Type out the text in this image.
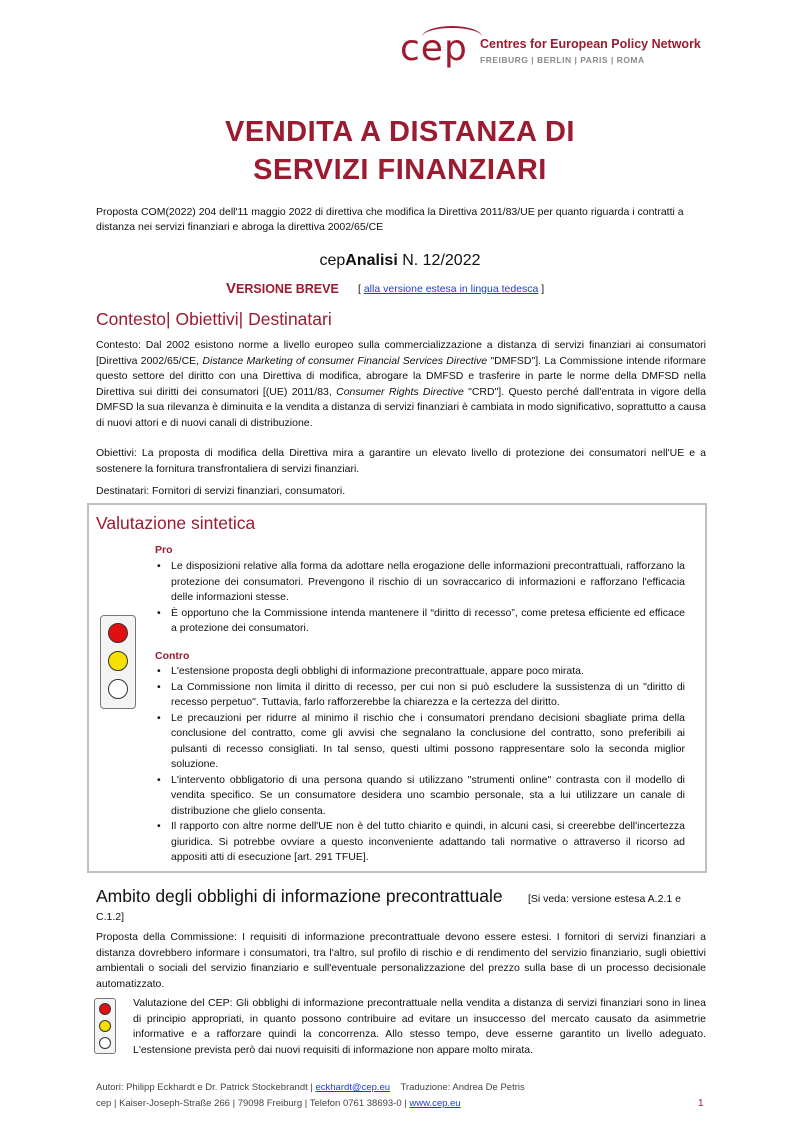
cep Centres for European Policy Network
FREIBURG | BERLIN | PARIS | ROMA
VENDITA A DISTANZA DI
SERVIZI FINANZIARI
Proposta COM(2022) 204 dell'11 maggio 2022 di direttiva che modifica la Direttiva 2011/83/UE per quanto riguarda i contratti a distanza nei servizi finanziari e abroga la direttiva 2002/65/CE
cepAnalisi N. 12/2022
VERSIONE BREVE [ alla versione estesa in lingua tedesca ]
Contesto| Obiettivi| Destinatari
Contesto: Dal 2002 esistono norme a livello europeo sulla commercializzazione a distanza di servizi finanziari ai consumatori [Direttiva 2002/65/CE, Distance Marketing of consumer Financial Services Directive "DMFSD"]. La Commissione intende riformare questo settore del diritto con una Direttiva di modifica, abrogare la DMFSD e trasferire in parte le norme della DMFSD nella Direttiva sui diritti dei consumatori [(UE) 2011/83, Consumer Rights Directive "CRD"]. Questo perché dall'entrata in vigore della DMFSD la sua rilevanza è diminuita e la vendita a distanza di servizi finanziari è cambiata in modo significativo, soprattutto a causa di nuovi attori e di nuovi canali di distribuzione.
Obiettivi: La proposta di modifica della Direttiva mira a garantire un elevato livello di protezione dei consumatori nell'UE e a sostenere la fornitura transfrontaliera di servizi finanziari.
Destinatari: Fornitori di servizi finanziari, consumatori.
Valutazione sintetica
Pro
• Le disposizioni relative alla forma da adottare nella erogazione delle informazioni precontrattuali, rafforzano la protezione dei consumatori. Prevengono il rischio di un sovraccarico di informazioni e rafforzano l'efficacia delle informazioni stesse.
• È opportuno che la Commissione intenda mantenere il “diritto di recesso”, come pretesa efficiente ed efficace a protezione dei consumatori.
Contro
• L'estensione proposta degli obblighi di informazione precontrattuale, appare poco mirata.
• La Commissione non limita il diritto di recesso, per cui non si può escludere la sussistenza di un "diritto di recesso perpetuo". Tuttavia, farlo rafforzerebbe la chiarezza e la certezza del diritto.
• Le precauzioni per ridurre al minimo il rischio che i consumatori prendano decisioni sbagliate prima della conclusione del contratto, come gli avvisi che segnalano la conclusione del contratto, sono preferibili ai pulsanti di recesso consigliati. In tal senso, questi ultimi possono rappresentare solo la seconda miglior soluzione.
• L'intervento obbligatorio di una persona quando si utilizzano "strumenti online" contrasta con il modello di vendita specifico. Se un consumatore desidera uno scambio personale, sta a lui utilizzare un canale di distribuzione che glielo consenta.
• Il rapporto con altre norme dell'UE non è del tutto chiarito e quindi, in alcuni casi, si creerebbe dell'incertezza giuridica. Si potrebbe ovviare a questo inconveniente adattando tali normative o attraverso il ricorso ad appositi atti di esecuzione [art. 291 TFUE].
Ambito degli obblighi di informazione precontrattuale [Si veda: versione estesa A.2.1 e
C.1.2]
Proposta della Commissione: I requisiti di informazione precontrattuale devono essere estesi. I fornitori di servizi finanziari a distanza dovrebbero informare i consumatori, tra l'altro, sul profilo di rischio e di rendimento del servizio finanziario, sugli obiettivi ambientali o sociali del servizio finanziario e sull'eventuale personalizzazione del prezzo sulla base di un processo decisionale automatizzato.
Valutazione del CEP: Gli obblighi di informazione precontrattuale nella vendita a distanza di servizi finanziari sono in linea di principio appropriati, in quanto possono contribuire ad evitare un insuccesso del mercato causato da asimmetrie informative e a rafforzare quindi la concorrenza. Allo stesso tempo, deve esserne garantito un livello adeguato. L'estensione prevista però dai nuovi requisiti di informazione non appare molto mirata.
Autori: Philipp Eckhardt e Dr. Patrick Stockebrandt | eckhardt@cep.eu    Traduzione: Andrea De Petris
cep | Kaiser-Joseph-Straße 266 | 79098 Freiburg | Telefon 0761 38693-0 | www.cep.eu	1
